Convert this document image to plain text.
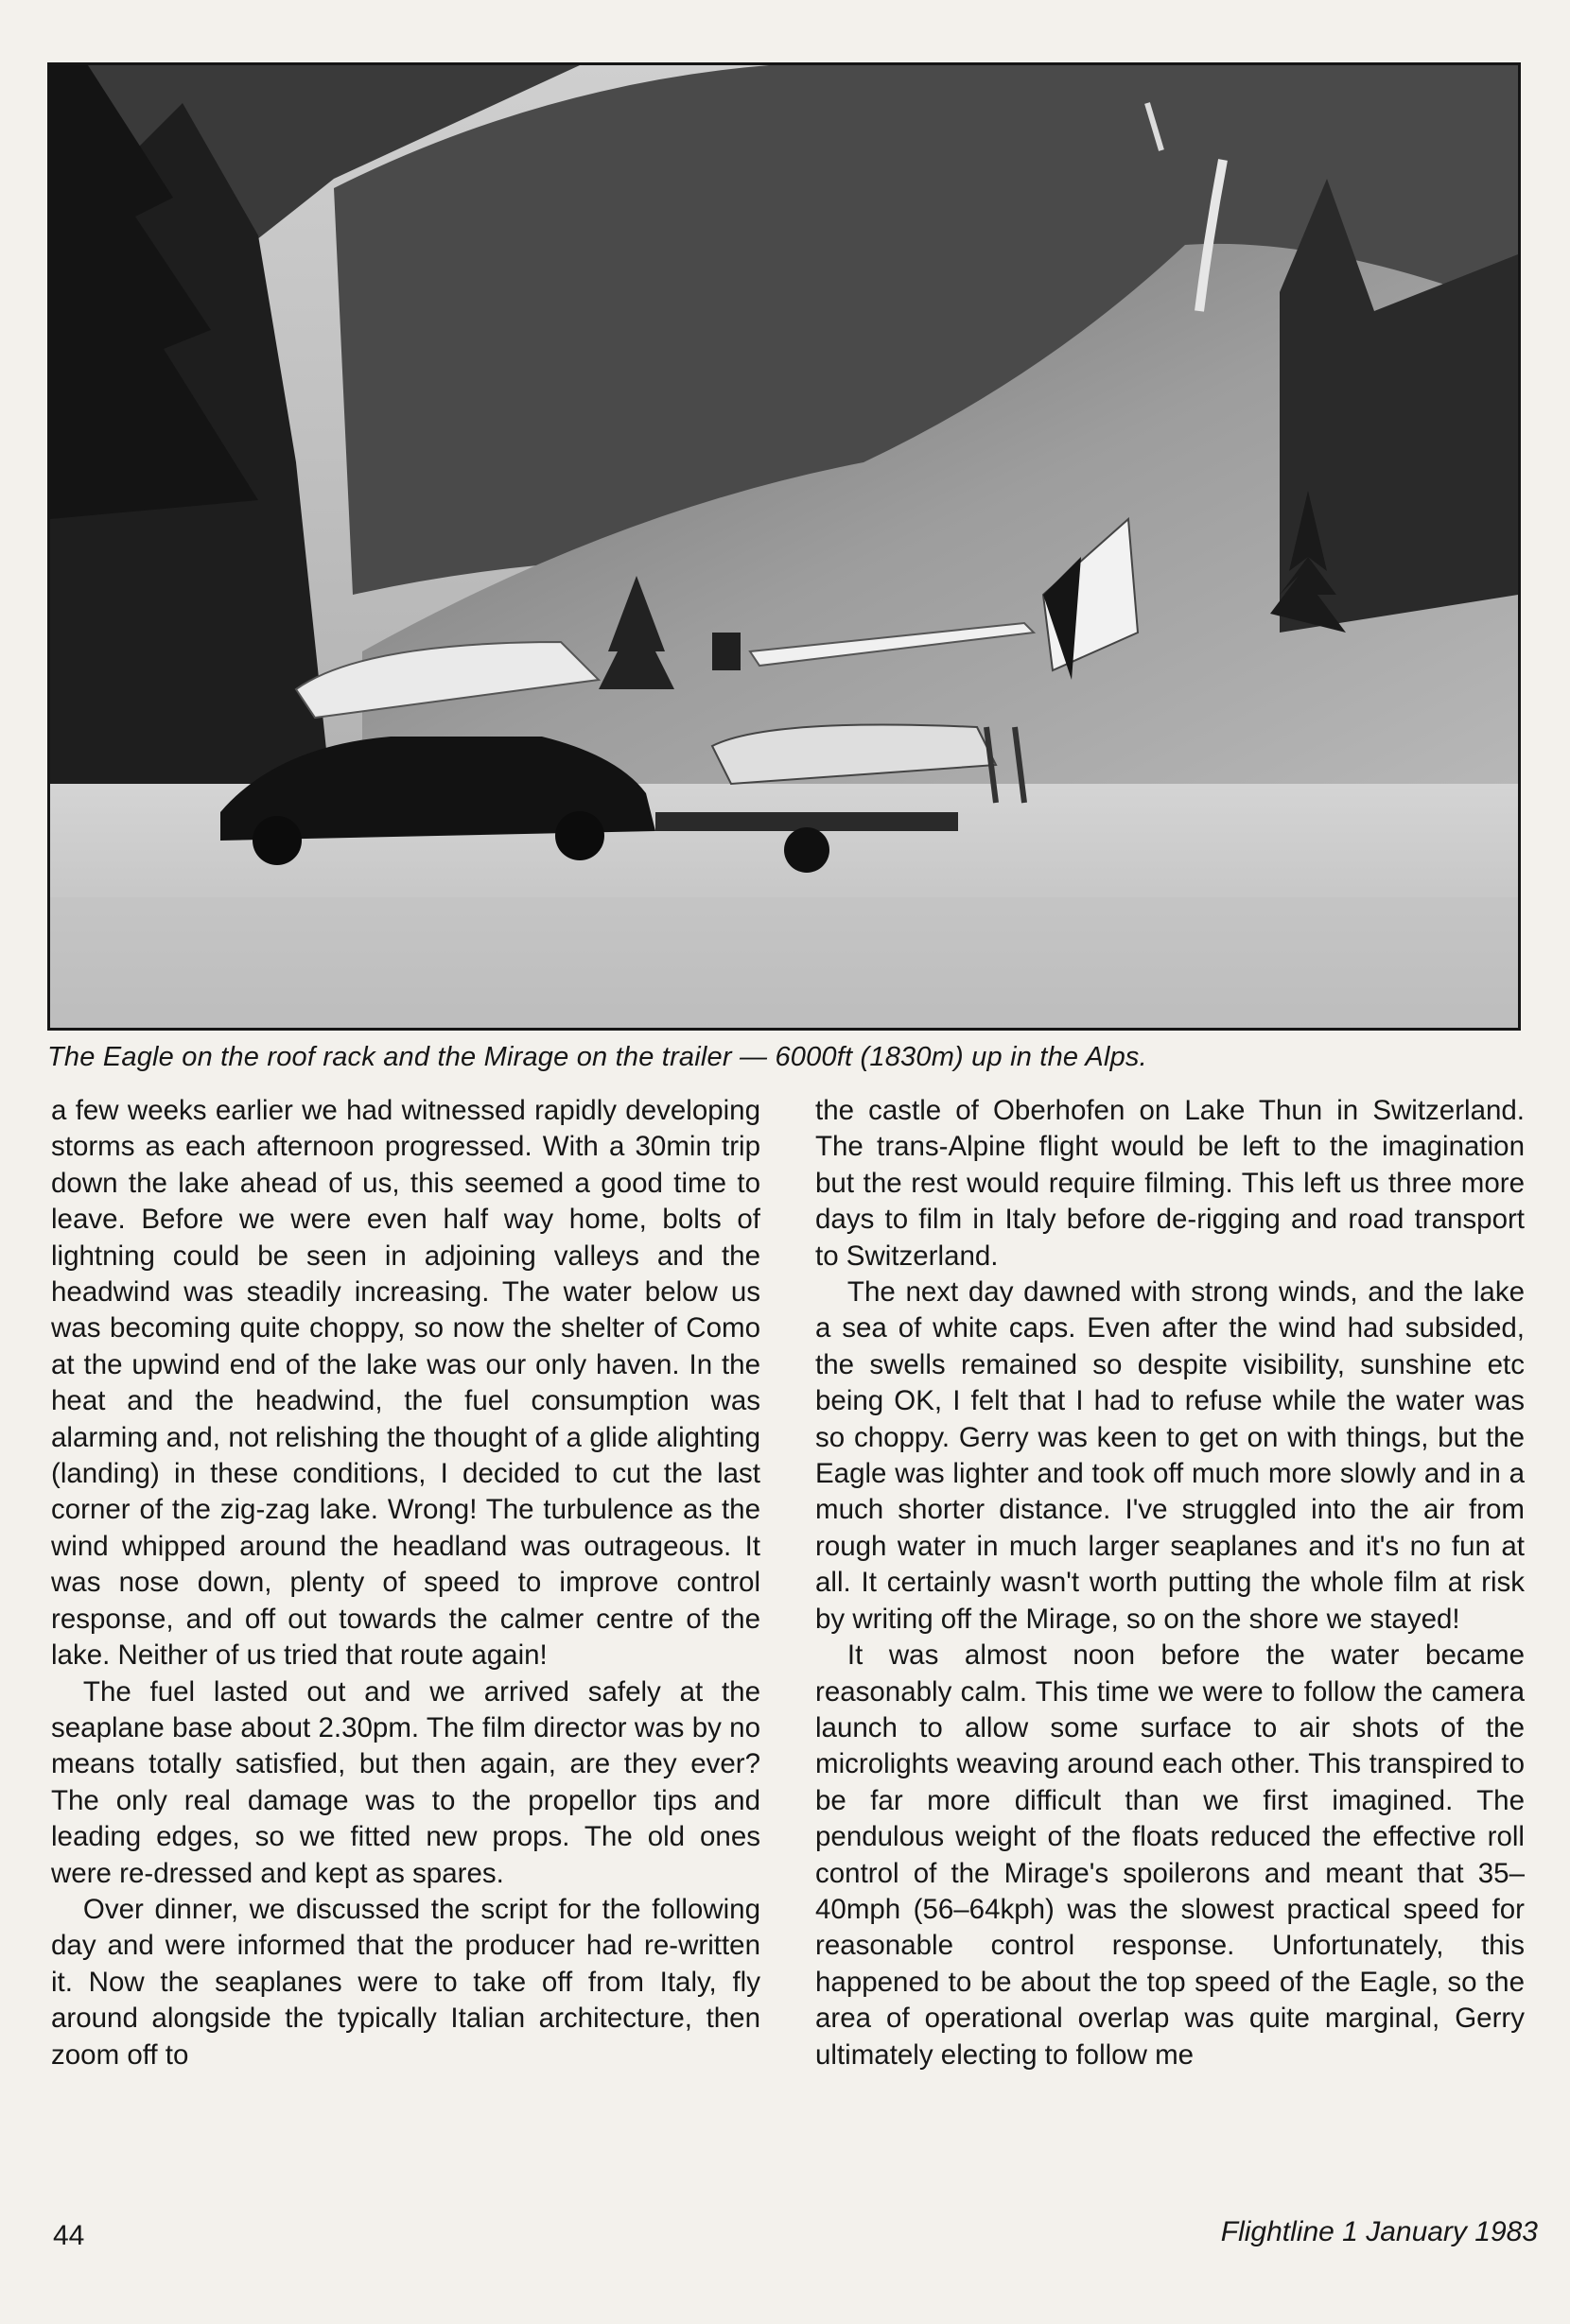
The Eagle on the roof rack and the Mirage on the trailer — 6000ft (1830m) up in the Alps.

a few weeks earlier we had witnessed rapidly developing storms as each afternoon progressed. With a 30min trip down the lake ahead of us, this seemed a good time to leave. Before we were even half way home, bolts of lightning could be seen in adjoining valleys and the headwind was steadily increasing. The water below us was becoming quite choppy, so now the shelter of Como at the upwind end of the lake was our only haven. In the heat and the headwind, the fuel consumption was alarming and, not relishing the thought of a glide alighting (landing) in these conditions, I decided to cut the last corner of the zig-zag lake. Wrong! The turbulence as the wind whipped around the headland was outrageous. It was nose down, plenty of speed to improve control response, and off out towards the calmer centre of the lake. Neither of us tried that route again!

The fuel lasted out and we arrived safely at the seaplane base about 2.30pm. The film director was by no means totally satisfied, but then again, are they ever? The only real damage was to the propellor tips and leading edges, so we fitted new props. The old ones were re-dressed and kept as spares.

Over dinner, we discussed the script for the following day and were informed that the producer had re-written it. Now the seaplanes were to take off from Italy, fly around alongside the typically Italian architecture, then zoom off to

the castle of Oberhofen on Lake Thun in Switzerland. The trans-Alpine flight would be left to the imagination but the rest would require filming. This left us three more days to film in Italy before de-rigging and road transport to Switzerland.

The next day dawned with strong winds, and the lake a sea of white caps. Even after the wind had subsided, the swells remained so despite visibility, sunshine etc being OK, I felt that I had to refuse while the water was so choppy. Gerry was keen to get on with things, but the Eagle was lighter and took off much more slowly and in a much shorter distance. I've struggled into the air from rough water in much larger seaplanes and it's no fun at all. It certainly wasn't worth putting the whole film at risk by writing off the Mirage, so on the shore we stayed!

It was almost noon before the water became reasonably calm. This time we were to follow the camera launch to allow some surface to air shots of the microlights weaving around each other. This transpired to be far more difficult than we first imagined. The pendulous weight of the floats reduced the effective roll control of the Mirage's spoilerons and meant that 35–40mph (56–64kph) was the slowest practical speed for reasonable control response. Unfortunately, this happened to be about the top speed of the Eagle, so the area of operational overlap was quite marginal, Gerry ultimately electing to follow me

44	Flightline 1 January 1983
